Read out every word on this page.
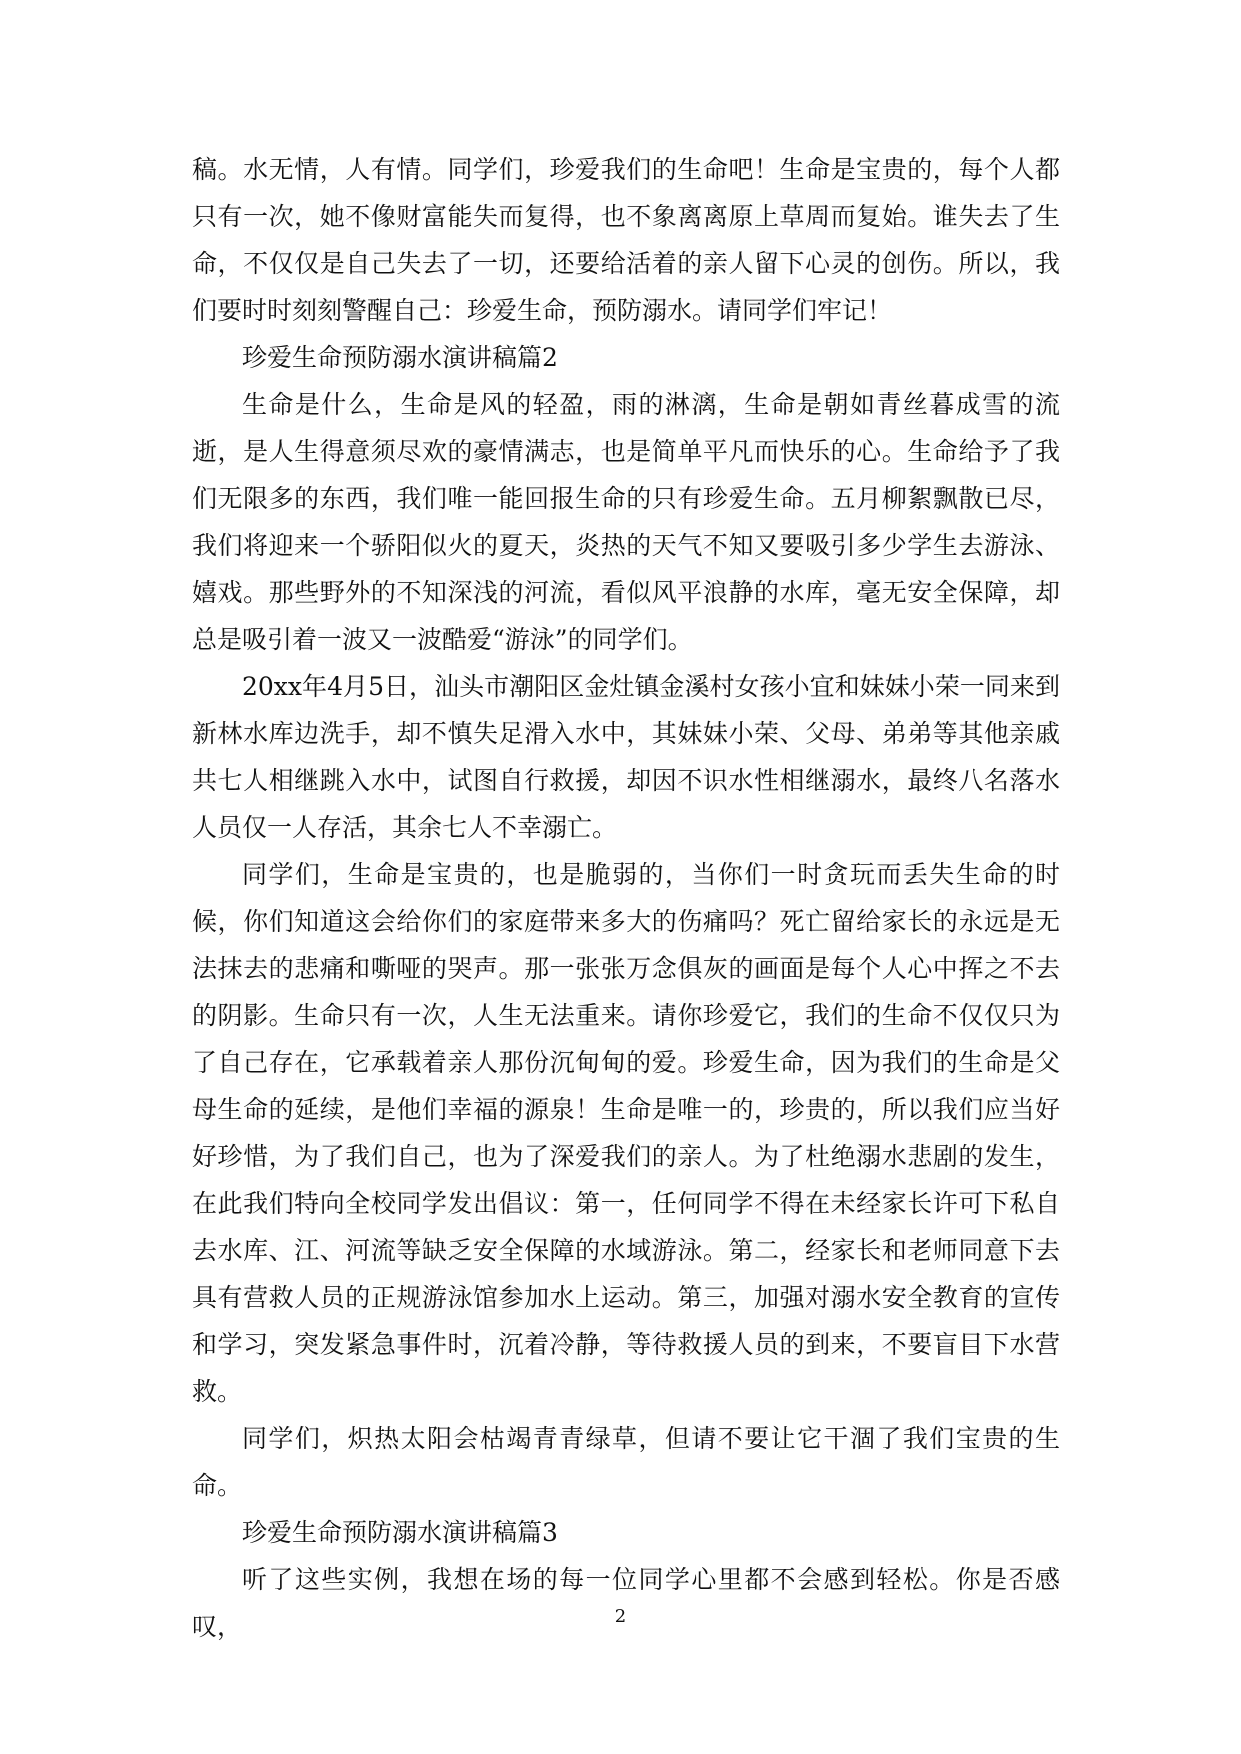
稿。水无情，人有情。同学们，珍爱我们的生命吧！生命是宝贵的，每个人都只有一次，她不像财富能失而复得，也不象离离原上草周而复始。谁失去了生命，不仅仅是自己失去了一切，还要给活着的亲人留下心灵的创伤。所以，我们要时时刻刻警醒自己：珍爱生命，预防溺水。请同学们牢记！

珍爱生命预防溺水演讲稿篇2

生命是什么，生命是风的轻盈，雨的淋漓，生命是朝如青丝暮成雪的流逝，是人生得意须尽欢的豪情满志，也是简单平凡而快乐的心。生命给予了我们无限多的东西，我们唯一能回报生命的只有珍爱生命。五月柳絮飘散已尽，我们将迎来一个骄阳似火的夏天，炎热的天气不知又要吸引多少学生去游泳、嬉戏。那些野外的不知深浅的河流，看似风平浪静的水库，毫无安全保障，却总是吸引着一波又一波酷爱“游泳”的同学们。

20xx年4月5日，汕头市潮阳区金灶镇金溪村女孩小宜和妹妹小荣一同来到新林水库边洗手，却不慎失足滑入水中，其妹妹小荣、父母、弟弟等其他亲戚共七人相继跳入水中，试图自行救援，却因不识水性相继溺水，最终八名落水人员仅一人存活，其余七人不幸溺亡。

同学们，生命是宝贵的，也是脆弱的，当你们一时贪玩而丢失生命的时候，你们知道这会给你们的家庭带来多大的伤痛吗？死亡留给家长的永远是无法抹去的悲痛和嘶哑的哭声。那一张张万念俱灰的画面是每个人心中挥之不去的阴影。生命只有一次，人生无法重来。请你珍爱它，我们的生命不仅仅只为了自己存在，它承载着亲人那份沉甸甸的爱。珍爱生命，因为我们的生命是父母生命的延续，是他们幸福的源泉！生命是唯一的，珍贵的，所以我们应当好好珍惜，为了我们自己，也为了深爱我们的亲人。为了杜绝溺水悲剧的发生，在此我们特向全校同学发出倡议：第一，任何同学不得在未经家长许可下私自去水库、江、河流等缺乏安全保障的水域游泳。第二，经家长和老师同意下去具有营救人员的正规游泳馆参加水上运动。第三，加强对溺水安全教育的宣传和学习，突发紧急事件时，沉着冷静，等待救援人员的到来，不要盲目下水营救。

同学们，炽热太阳会枯竭青青绿草，但请不要让它干涸了我们宝贵的生命。

珍爱生命预防溺水演讲稿篇3

听了这些实例，我想在场的每一位同学心里都不会感到轻松。你是否感叹，	2
